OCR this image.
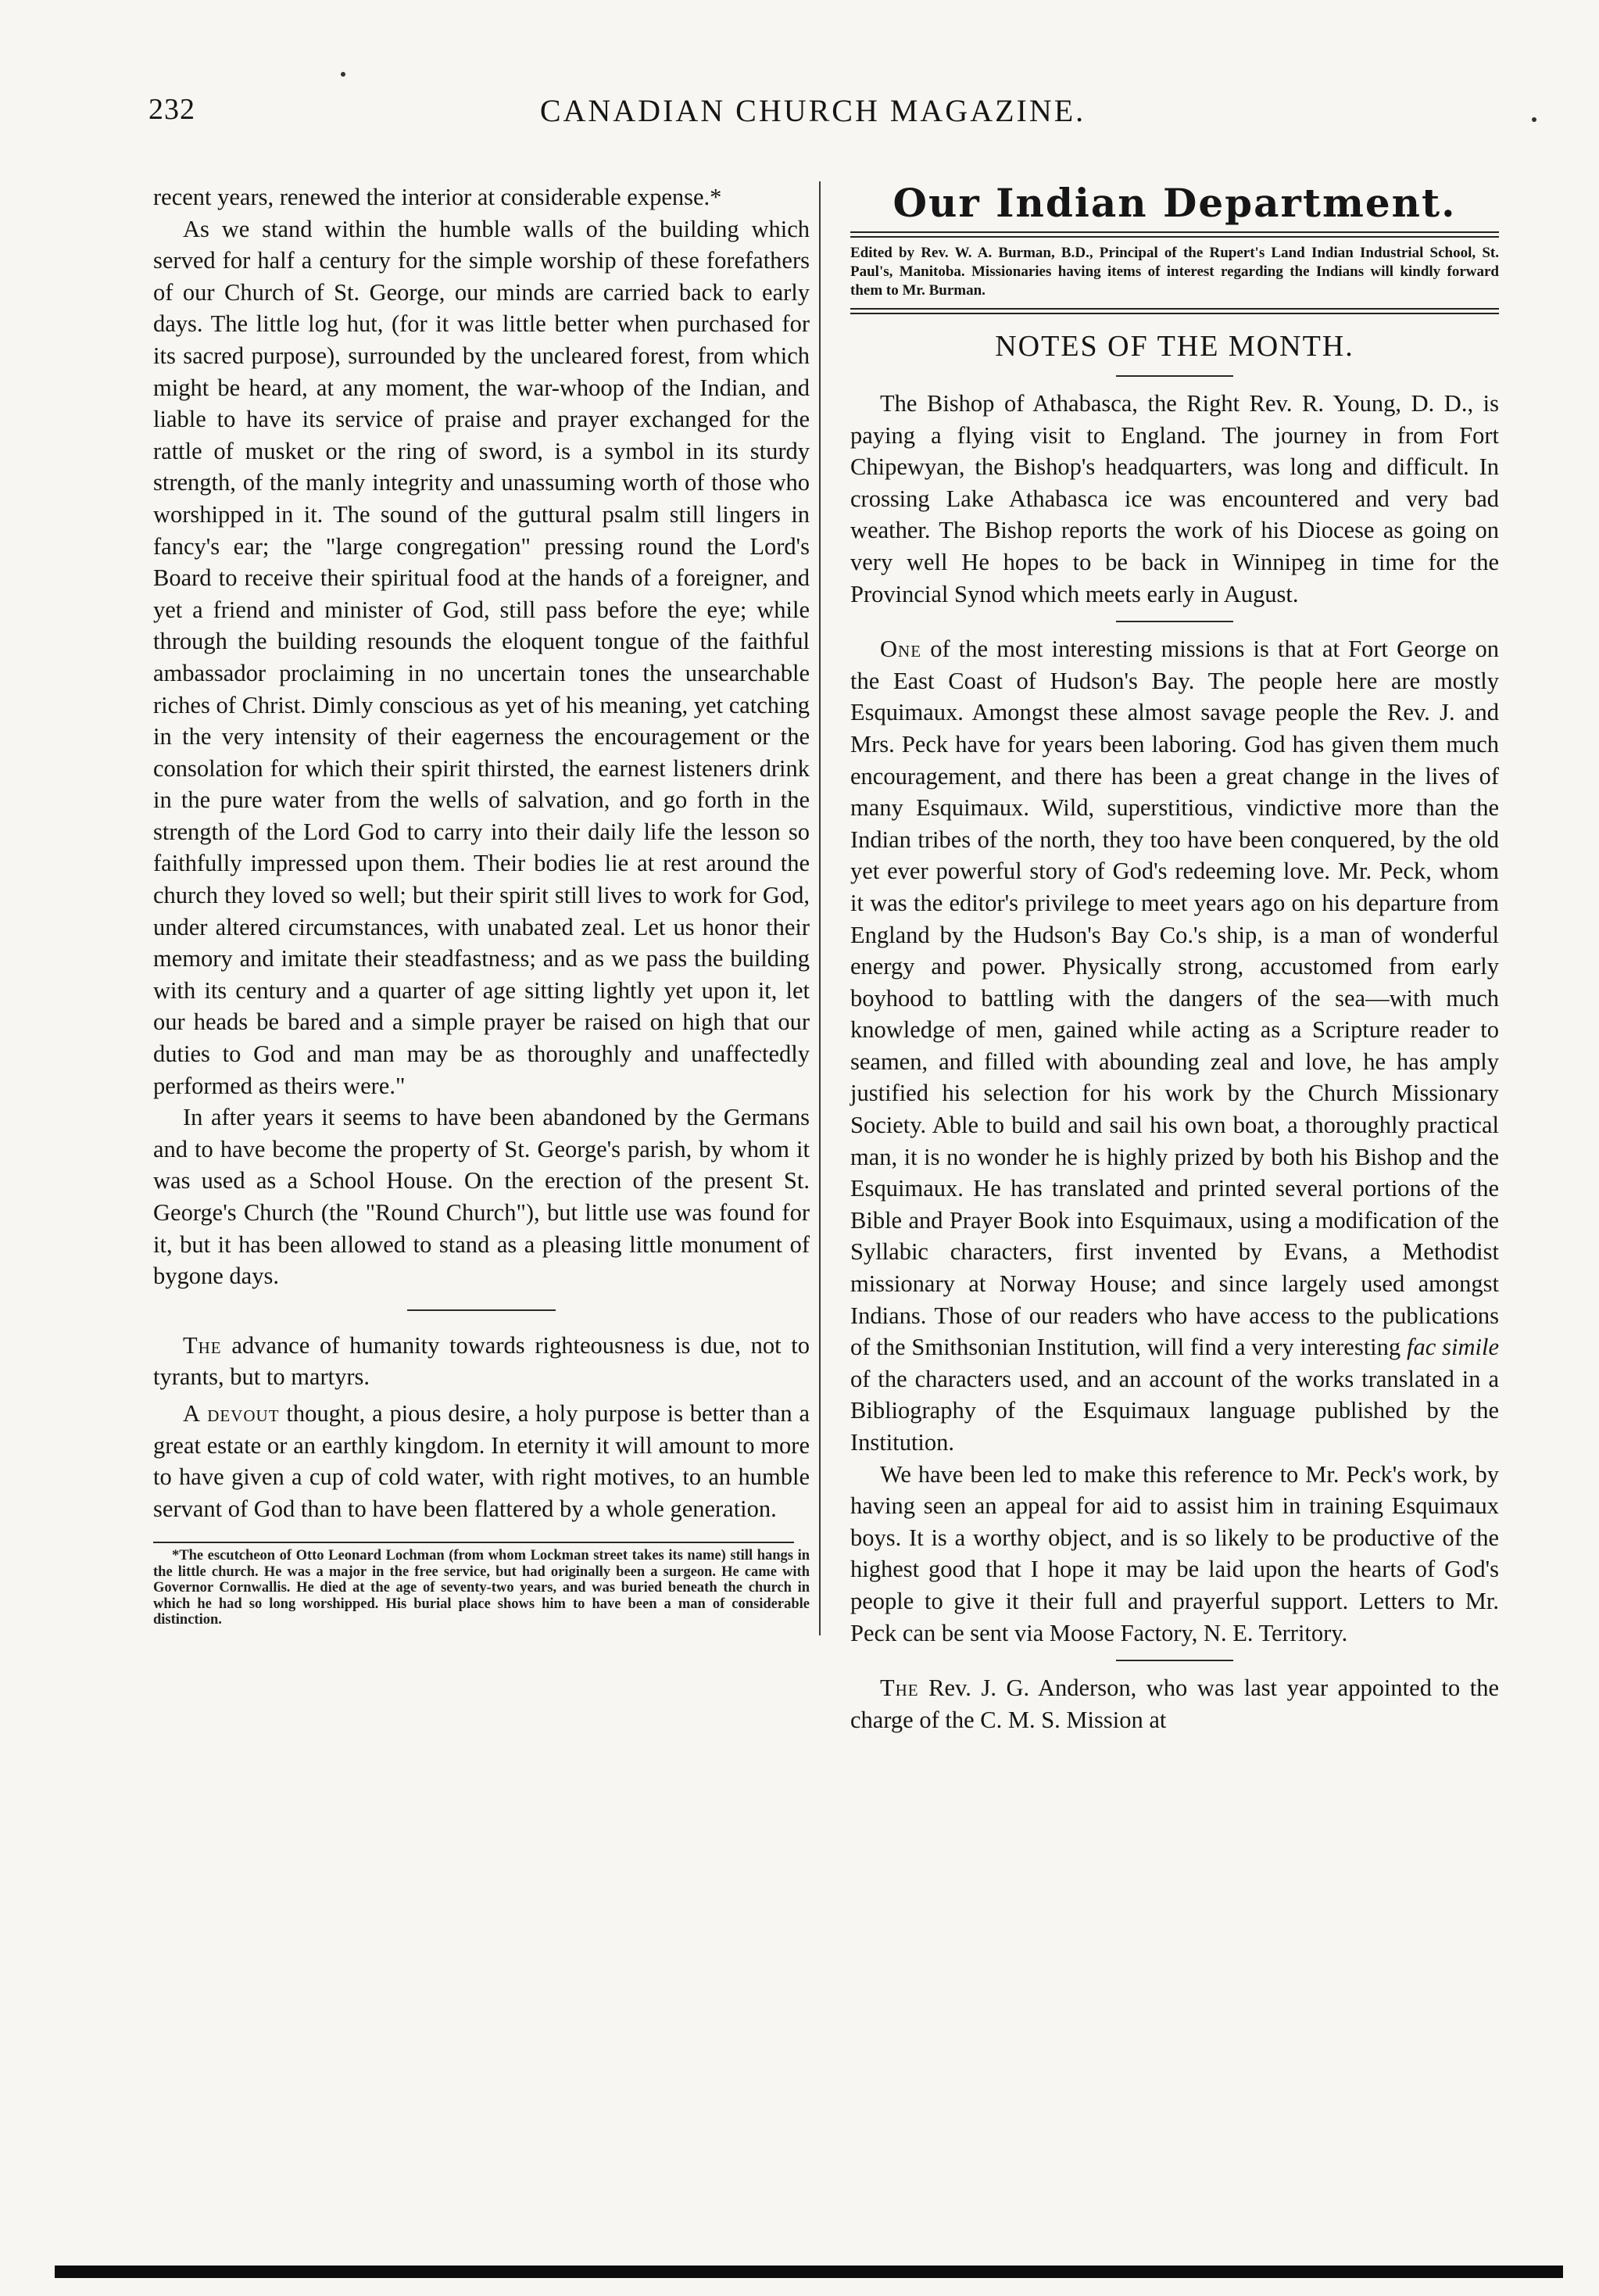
232	CANADIAN CHURCH MAGAZINE.

recent years, renewed the interior at considerable expense.*

As we stand within the humble walls of the building which served for half a century for the simple worship of these forefathers of our Church of St. George, our minds are carried back to early days. The little log hut, (for it was little better when purchased for its sacred purpose), surrounded by the uncleared forest, from which might be heard, at any moment, the war-whoop of the Indian, and liable to have its service of praise and prayer exchanged for the rattle of musket or the ring of sword, is a symbol in its sturdy strength, of the manly integrity and unassuming worth of those who worshipped in it. The sound of the guttural psalm still lingers in fancy's ear; the "large congregation" pressing round the Lord's Board to receive their spiritual food at the hands of a foreigner, and yet a friend and minister of God, still pass before the eye; while through the building resounds the eloquent tongue of the faithful ambassador proclaiming in no uncertain tones the unsearchable riches of Christ. Dimly conscious as yet of his meaning, yet catching in the very intensity of their eagerness the encouragement or the consolation for which their spirit thirsted, the earnest listeners drink in the pure water from the wells of salvation, and go forth in the strength of the Lord God to carry into their daily life the lesson so faithfully impressed upon them. Their bodies lie at rest around the church they loved so well; but their spirit still lives to work for God, under altered circumstances, with unabated zeal. Let us honor their memory and imitate their steadfastness; and as we pass the building with its century and a quarter of age sitting lightly yet upon it, let our heads be bared and a simple prayer be raised on high that our duties to God and man may be as thoroughly and unaffectedly performed as theirs were."

In after years it seems to have been abandoned by the Germans and to have become the property of St. George's parish, by whom it was used as a School House. On the erection of the present St. George's Church (the "Round Church"), but little use was found for it, but it has been allowed to stand as a pleasing little monument of bygone days.

The advance of humanity towards righteousness is due, not to tyrants, but to martyrs.

A devout thought, a pious desire, a holy purpose is better than a great estate or an earthly kingdom. In eternity it will amount to more to have given a cup of cold water, with right motives, to an humble servant of God than to have been flattered by a whole generation.

*The escutcheon of Otto Leonard Lochman (from whom Lockman street takes its name) still hangs in the little church. He was a major in the free service, but had originally been a surgeon. He came with Governor Cornwallis. He died at the age of seventy-two years, and was buried beneath the church in which he had so long worshipped. His burial place shows him to have been a man of considerable distinction.

Our Indian Department.

Edited by Rev. W. A. Burman, B.D., Principal of the Rupert's Land Indian Industrial School, St. Paul's, Manitoba. Missionaries having items of interest regarding the Indians will kindly forward them to Mr. Burman.

NOTES OF THE MONTH.

The Bishop of Athabasca, the Right Rev. R. Young, D. D., is paying a flying visit to England. The journey in from Fort Chipewyan, the Bishop's headquarters, was long and difficult. In crossing Lake Athabasca ice was encountered and very bad weather. The Bishop reports the work of his Diocese as going on very well He hopes to be back in Winnipeg in time for the Provincial Synod which meets early in August.

One of the most interesting missions is that at Fort George on the East Coast of Hudson's Bay. The people here are mostly Esquimaux. Amongst these almost savage people the Rev. J. and Mrs. Peck have for years been laboring. God has given them much encouragement, and there has been a great change in the lives of many Esquimaux. Wild, superstitious, vindictive more than the Indian tribes of the north, they too have been conquered, by the old yet ever powerful story of God's redeeming love. Mr. Peck, whom it was the editor's privilege to meet years ago on his departure from England by the Hudson's Bay Co.'s ship, is a man of wonderful energy and power. Physically strong, accustomed from early boyhood to battling with the dangers of the sea—with much knowledge of men, gained while acting as a Scripture reader to seamen, and filled with abounding zeal and love, he has amply justified his selection for his work by the Church Missionary Society. Able to build and sail his own boat, a thoroughly practical man, it is no wonder he is highly prized by both his Bishop and the Esquimaux. He has translated and printed several portions of the Bible and Prayer Book into Esquimaux, using a modification of the Syllabic characters, first invented by Evans, a Methodist missionary at Norway House; and since largely used amongst Indians. Those of our readers who have access to the publications of the Smithsonian Institution, will find a very interesting fac simile of the characters used, and an account of the works translated in a Bibliography of the Esquimaux language published by the Institution.

We have been led to make this reference to Mr. Peck's work, by having seen an appeal for aid to assist him in training Esquimaux boys. It is a worthy object, and is so likely to be productive of the highest good that I hope it may be laid upon the hearts of God's people to give it their full and prayerful support. Letters to Mr. Peck can be sent via Moose Factory, N. E. Territory.

The Rev. J. G. Anderson, who was last year appointed to the charge of the C. M. S. Mission at
